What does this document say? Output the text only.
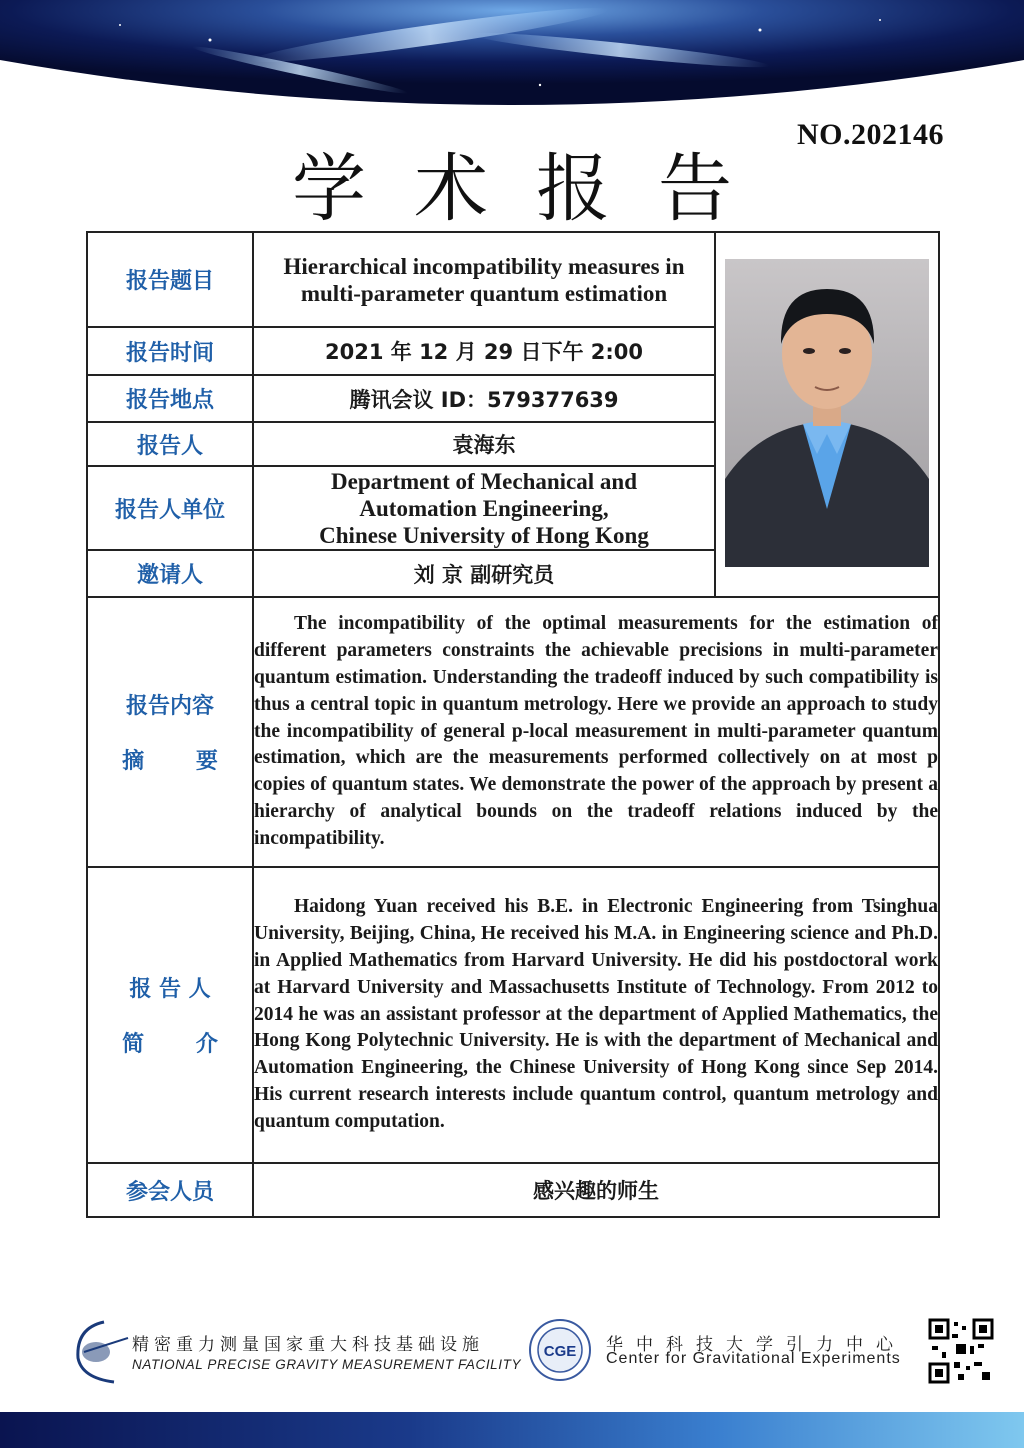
NO.202146
学术报告
报告题目	Hierarchical incompatibility measures in multi-parameter quantum estimation	
报告时间	2021 年 12 月 29 日下午 2:00	
报告地点	腾讯会议 ID：579377639	
报告人	袁海东	
报告人单位	Department of Mechanical and
Automation Engineering,
Chinese University of Hong Kong	

邀请人	刘 京 副研究员	

报告内容
摘 要	The incompatibility of the optimal measurements for the estimation of different parameters constraints the achievable precisions in multi-parameter quantum estimation. Understanding the tradeoff induced by such compatibility is thus a central topic in quantum metrology. Here we provide an approach to study the incompatibility of general p-local measurement in multi-parameter quantum estimation, which are the measurements performed collectively on at most p copies of quantum states. We demonstrate the power of the approach by present a hierarchy of analytical bounds on the tradeoff relations induced by the incompatibility.	

报 告 人
简 介	Haidong Yuan received his B.E. in Electronic Engineering from Tsinghua University, Beijing, China, He received his M.A. in Engineering science and Ph.D. in Applied Mathematics from Harvard University. He did his postdoctoral work at Harvard University and Massachusetts Institute of Technology. From 2012 to 2014 he was an assistant professor at the department of Applied Mathematics, the Hong Kong Polytechnic University. He is with the department of Mechanical and Automation Engineering, the Chinese University of Hong Kong since Sep 2014. His current research interests include quantum control, quantum metrology and quantum computation.	

参会人员	感兴趣的师生	
精密重力测量国家重大科技基础设施
NATIONAL PRECISE GRAVITY MEASUREMENT FACILITY
CGE 华中科技大学引力中心
Center for Gravitational Experiments
